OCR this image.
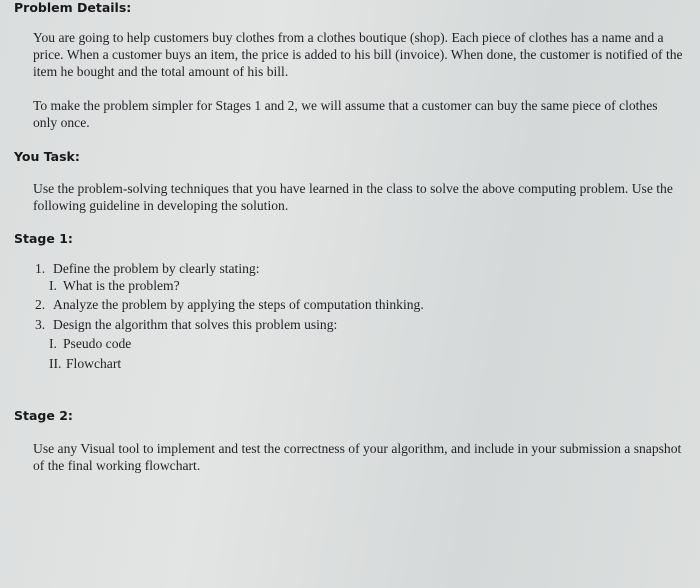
Problem Details:

You are going to help customers buy clothes from a clothes boutique (shop). Each piece of clothes has a name and a price. When a customer buys an item, the price is added to his bill (invoice). When done, the customer is notified of the item he bought and the total amount of his bill.

To make the problem simpler for Stages 1 and 2, we will assume that a customer can buy the same piece of clothes only once.

You Task:

Use the problem-solving techniques that you have learned in the class to solve the above computing problem. Use the following guideline in developing the solution.

Stage 1:
1. Define the problem by clearly stating:
I. What is the problem?
2. Analyze the problem by applying the steps of computation thinking.
3. Design the algorithm that solves this problem using:
I. Pseudo code
II. Flowchart
Stage 2:

Use any Visual tool to implement and test the correctness of your algorithm, and include in your submission a snapshot of the final working flowchart.
